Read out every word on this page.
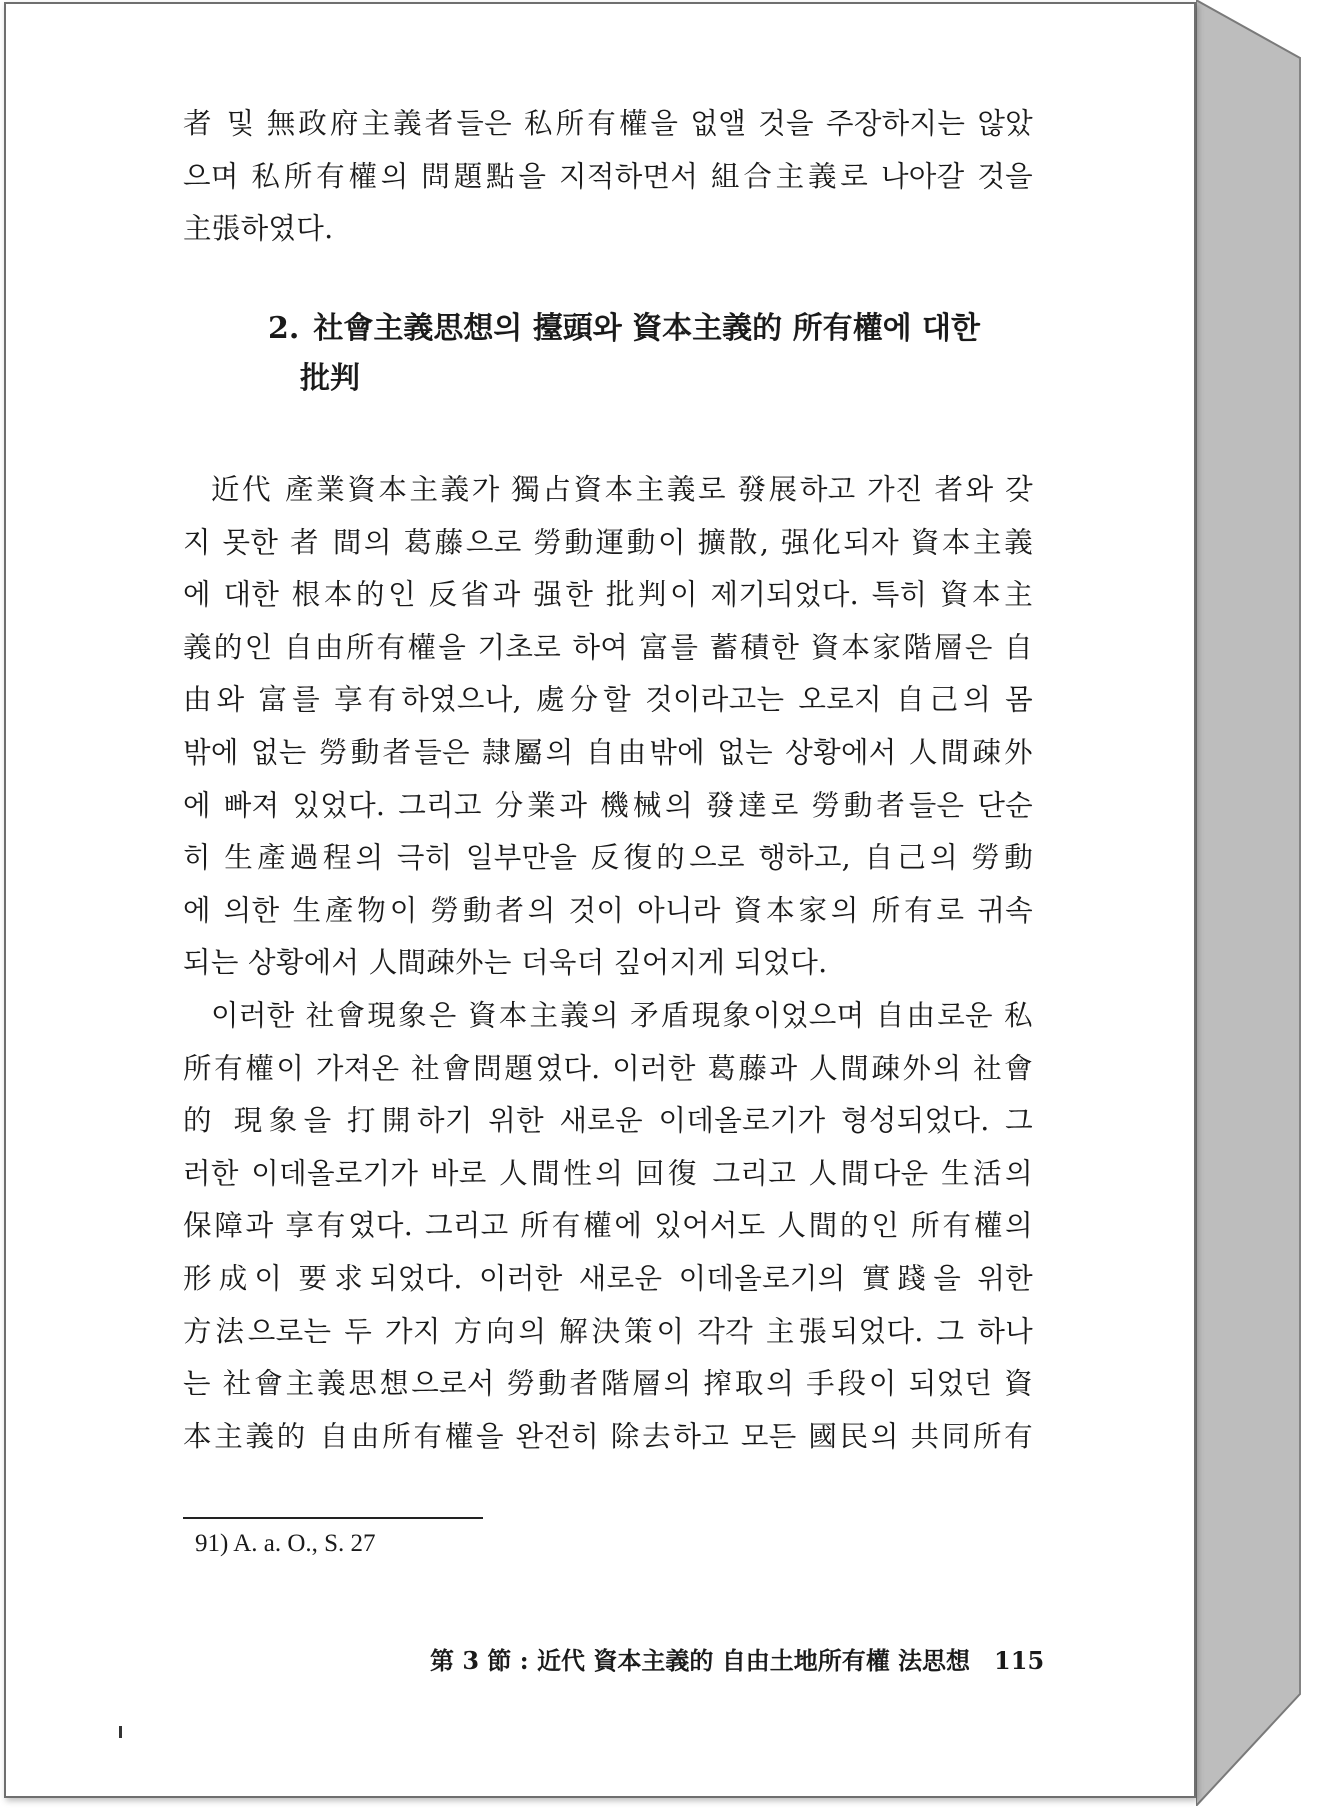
者 및 無政府主義者들은 私所有權을 없앨 것을 주장하지는 않았
으며 私所有權의 問題點을 지적하면서 組合主義로 나아갈 것을
主張하였다.
2. 社會主義思想의 擡頭와 資本主義的 所有權에 대한
批判
近代 產業資本主義가 獨占資本主義로 發展하고 가진 者와 갖
지 못한 者 間의 葛藤으로 勞動運動이 擴散, 强化되자 資本主義
에 대한 根本的인 反省과 强한 批判이 제기되었다. 특히 資本主
義的인 自由所有權을 기초로 하여 富를 蓄積한 資本家階層은 自
由와 富를 享有하였으나, 處分할 것이라고는 오로지 自己의 몸
밖에 없는 勞動者들은 隷屬의 自由밖에 없는 상황에서 人間疎外
에 빠져 있었다. 그리고 分業과 機械의 發達로 勞動者들은 단순
히 生產過程의 극히 일부만을 反復的으로 행하고, 自己의 勞動
에 의한 生產物이 勞動者의 것이 아니라 資本家의 所有로 귀속
되는 상황에서 人間疎外는 더욱더 깊어지게 되었다.
이러한 社會現象은 資本主義의 矛盾現象이었으며 自由로운 私
所有權이 가져온 社會問題였다. 이러한 葛藤과 人間疎外의 社會
的 現象을 打開하기 위한 새로운 이데올로기가 형성되었다. 그
러한 이데올로기가 바로 人間性의 回復 그리고 人間다운 生活의
保障과 享有였다. 그리고 所有權에 있어서도 人間的인 所有權의
形成이 要求되었다. 이러한 새로운 이데올로기의 實踐을 위한
方法으로는 두 가지 方向의 解決策이 각각 主張되었다. 그 하나
는 社會主義思想으로서 勞動者階層의 搾取의 手段이 되었던 資
本主義的 自由所有權을 완전히 除去하고 모든 國民의 共同所有
91) A. a. O., S. 27
第 3 節 : 近代 資本主義的 自由土地所有權 法思想 115
